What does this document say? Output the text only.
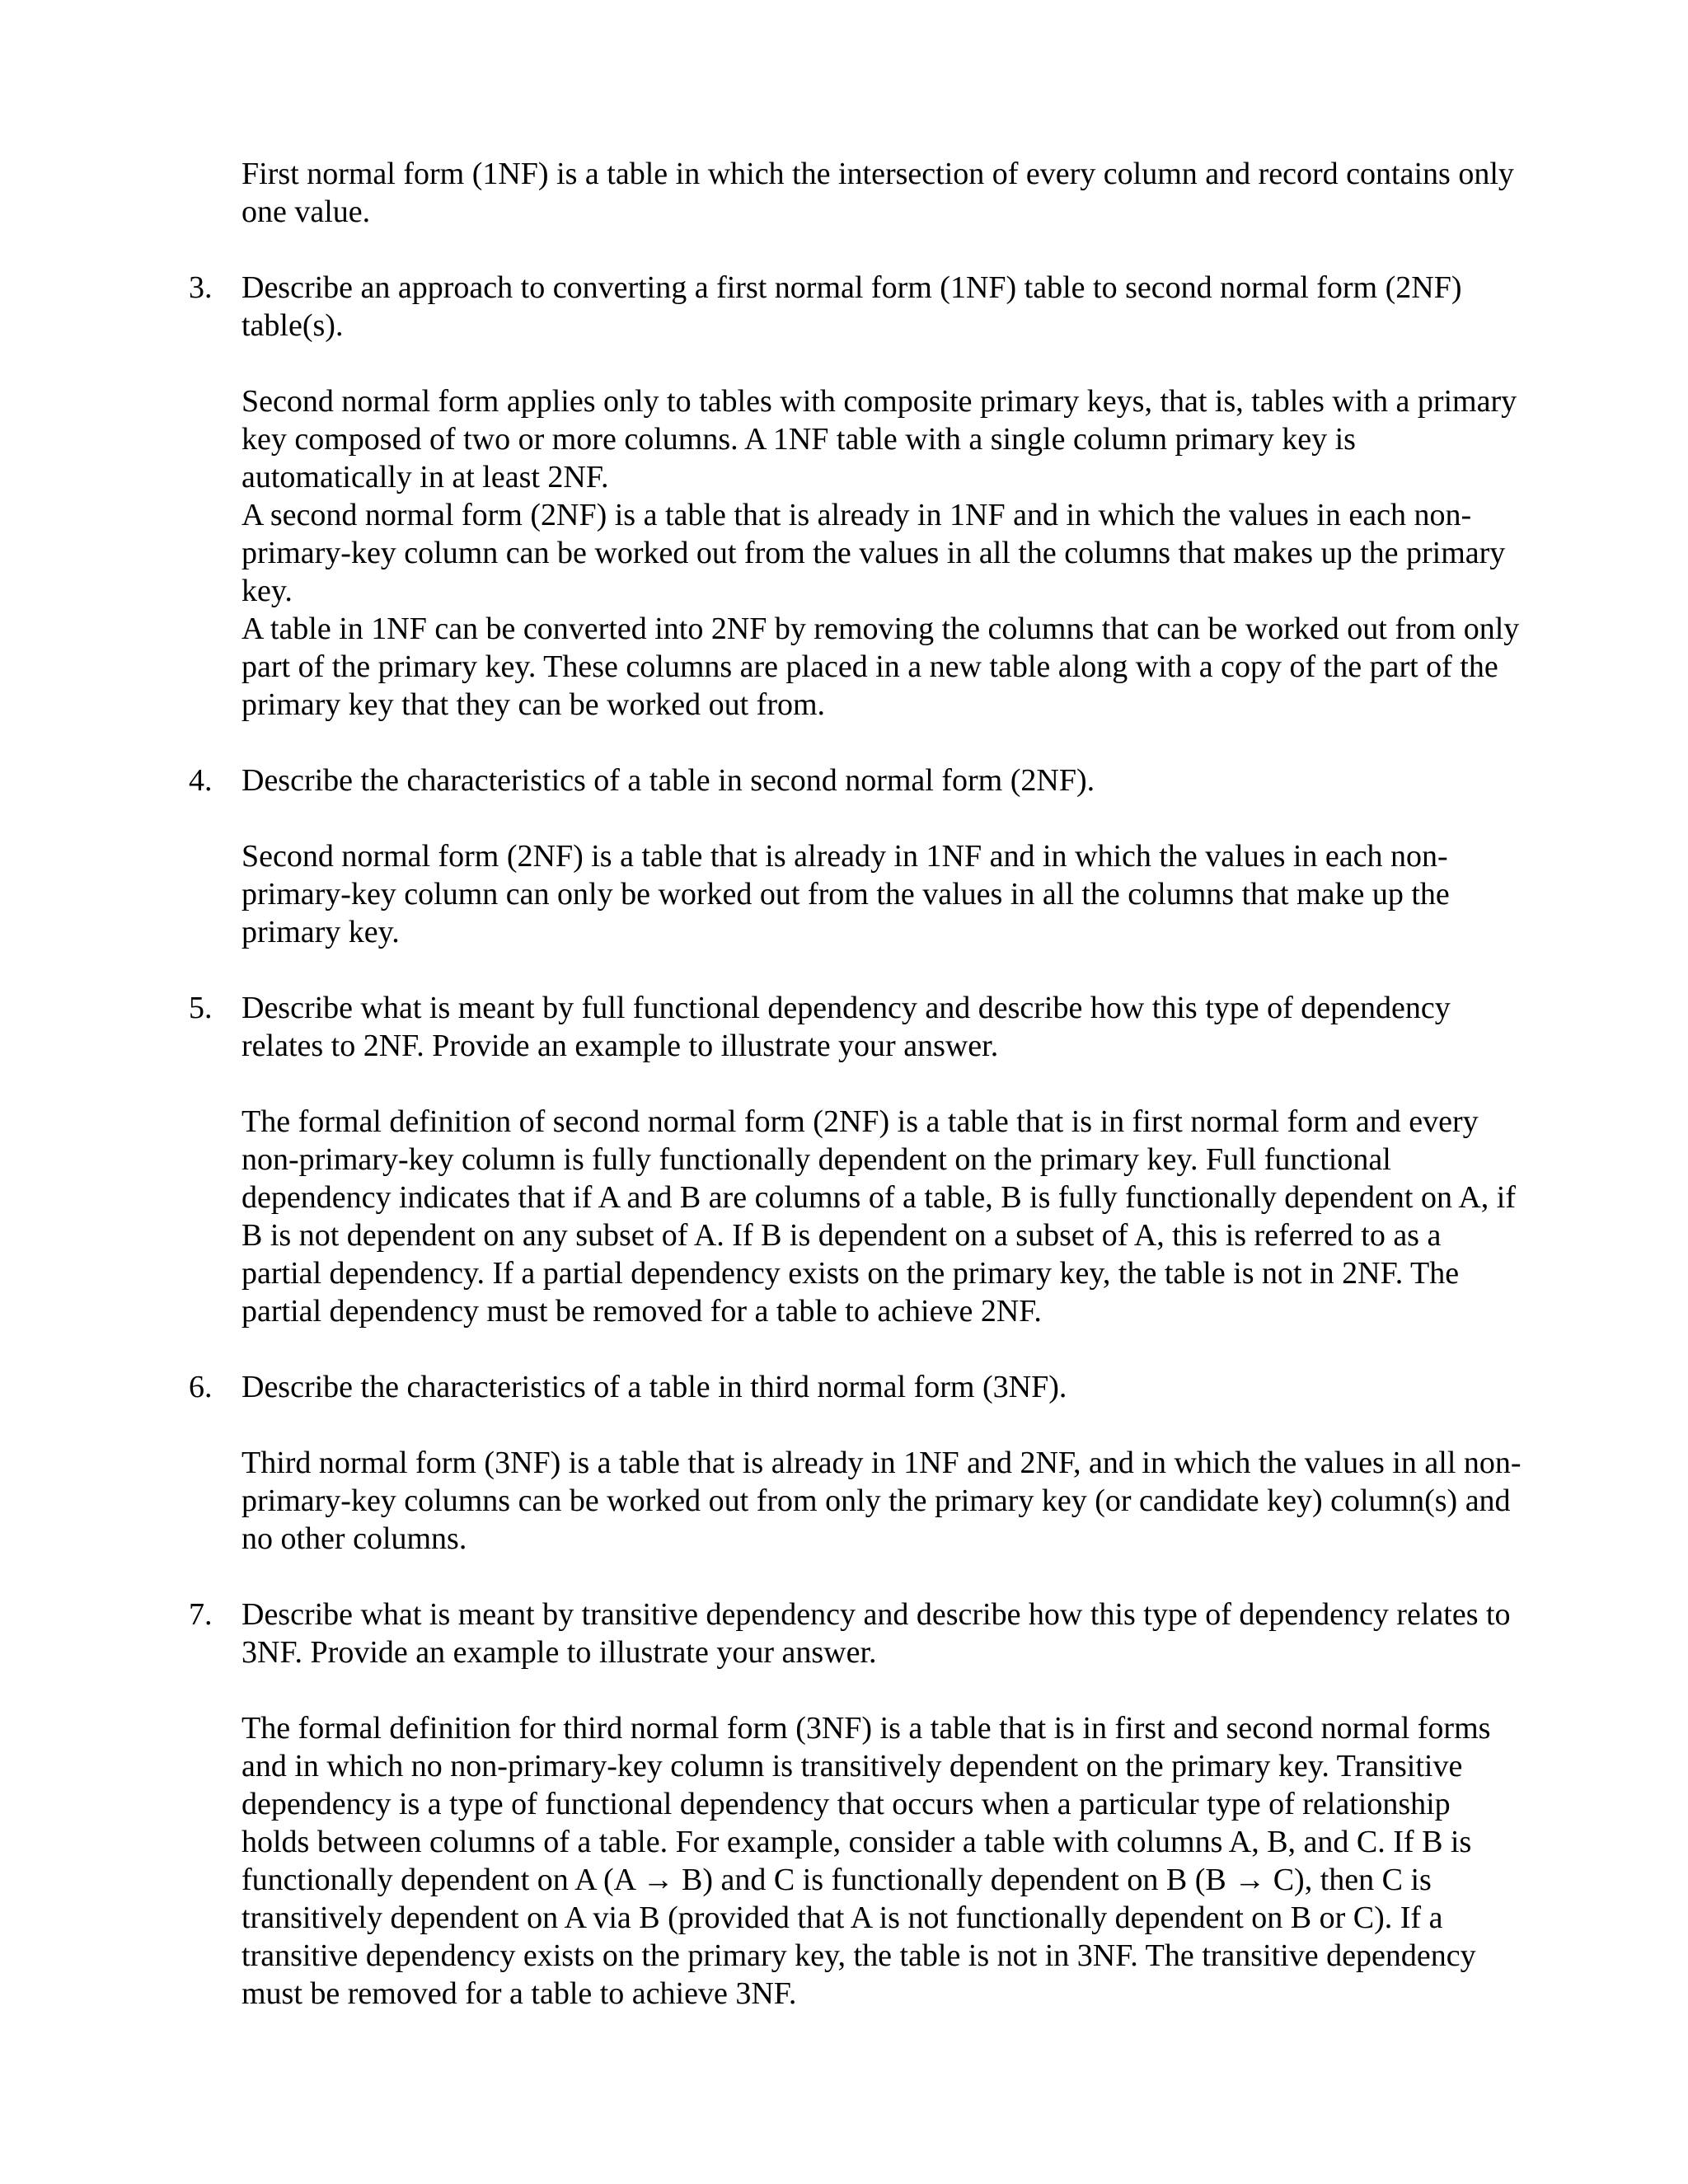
First normal form (1NF) is a table in which the intersection of every column and record contains only one value.

3. Describe an approach to converting a first normal form (1NF) table to second normal form (2NF) table(s).

Second normal form applies only to tables with composite primary keys, that is, tables with a primary key composed of two or more columns. A 1NF table with a single column primary key is automatically in at least 2NF.

A second normal form (2NF) is a table that is already in 1NF and in which the values in each non-primary-key column can be worked out from the values in all the columns that makes up the primary key.

A table in 1NF can be converted into 2NF by removing the columns that can be worked out from only part of the primary key. These columns are placed in a new table along with a copy of the part of the primary key that they can be worked out from.

4. Describe the characteristics of a table in second normal form (2NF).

Second normal form (2NF) is a table that is already in 1NF and in which the values in each non-primary-key column can only be worked out from the values in all the columns that make up the primary key.

5. Describe what is meant by full functional dependency and describe how this type of dependency relates to 2NF. Provide an example to illustrate your answer.

The formal definition of second normal form (2NF) is a table that is in first normal form and every non-primary-key column is fully functionally dependent on the primary key. Full functional dependency indicates that if A and B are columns of a table, B is fully functionally dependent on A, if B is not dependent on any subset of A. If B is dependent on a subset of A, this is referred to as a partial dependency. If a partial dependency exists on the primary key, the table is not in 2NF. The partial dependency must be removed for a table to achieve 2NF.

6. Describe the characteristics of a table in third normal form (3NF).

Third normal form (3NF) is a table that is already in 1NF and 2NF, and in which the values in all non-primary-key columns can be worked out from only the primary key (or candidate key) column(s) and no other columns.

7. Describe what is meant by transitive dependency and describe how this type of dependency relates to 3NF. Provide an example to illustrate your answer.

The formal definition for third normal form (3NF) is a table that is in first and second normal forms and in which no non-primary-key column is transitively dependent on the primary key. Transitive dependency is a type of functional dependency that occurs when a particular type of relationship holds between columns of a table. For example, consider a table with columns A, B, and C. If B is functionally dependent on A (A → B) and C is functionally dependent on B (B → C), then C is transitively dependent on A via B (provided that A is not functionally dependent on B or C). If a transitive dependency exists on the primary key, the table is not in 3NF. The transitive dependency must be removed for a table to achieve 3NF.
